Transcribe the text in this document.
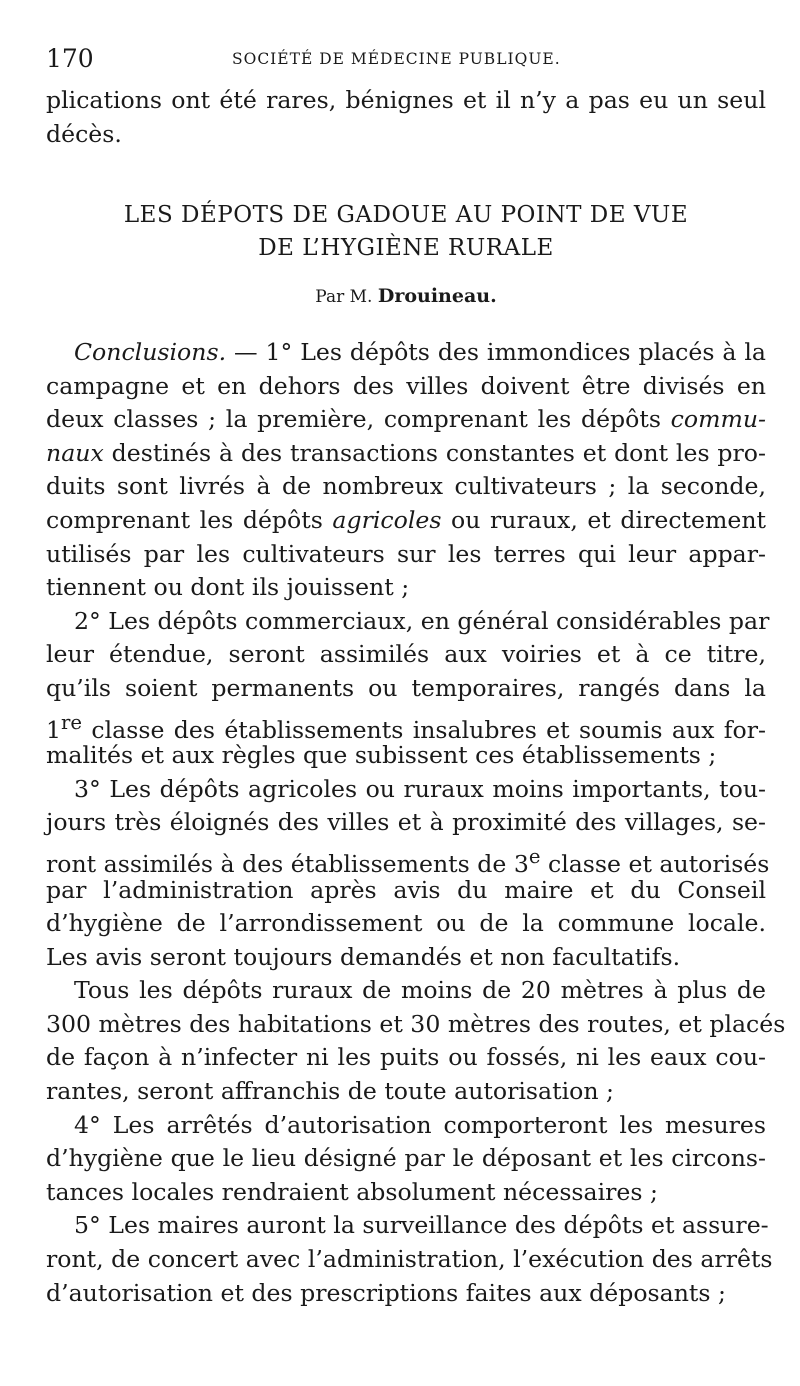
170	SOCIÉTÉ DE MÉDECINE PUBLIQUE.
plications ont été rares, bénignes et il n’y a pas eu un seul
décès.
LES DÉPOTS DE GADOUE AU POINT DE VUE
DE L’HYGIÈNE RURALE
Par M. Drouineau.
Conclusions. — 1° Les dépôts des immondices placés à la
campagne et en dehors des villes doivent être divisés en
deux classes ; la première, comprenant les dépôts commu-
naux destinés à des transactions constantes et dont les pro-
duits sont livrés à de nombreux cultivateurs ; la seconde,
comprenant les dépôts agricoles ou ruraux, et directement
utilisés par les cultivateurs sur les terres qui leur appar-
tiennent ou dont ils jouissent ;
2° Les dépôts commerciaux, en général considérables par
leur étendue, seront assimilés aux voiries et à ce titre,
qu’ils soient permanents ou temporaires, rangés dans la
1re classe des établissements insalubres et soumis aux for-
malités et aux règles que subissent ces établissements ;
3° Les dépôts agricoles ou ruraux moins importants, tou-
jours très éloignés des villes et à proximité des villages, se-
ront assimilés à des établissements de 3e classe et autorisés
par l’administration après avis du maire et du Conseil
d’hygiène de l’arrondissement ou de la commune locale.
Les avis seront toujours demandés et non facultatifs.
Tous les dépôts ruraux de moins de 20 mètres à plus de
300 mètres des habitations et 30 mètres des routes, et placés
de façon à n’infecter ni les puits ou fossés, ni les eaux cou-
rantes, seront affranchis de toute autorisation ;
4° Les arrêtés d’autorisation comporteront les mesures
d’hygiène que le lieu désigné par le déposant et les circons-
tances locales rendraient absolument nécessaires ;
5° Les maires auront la surveillance des dépôts et assure-
ront, de concert avec l’administration, l’exécution des arrêts
d’autorisation et des prescriptions faites aux déposants ;
